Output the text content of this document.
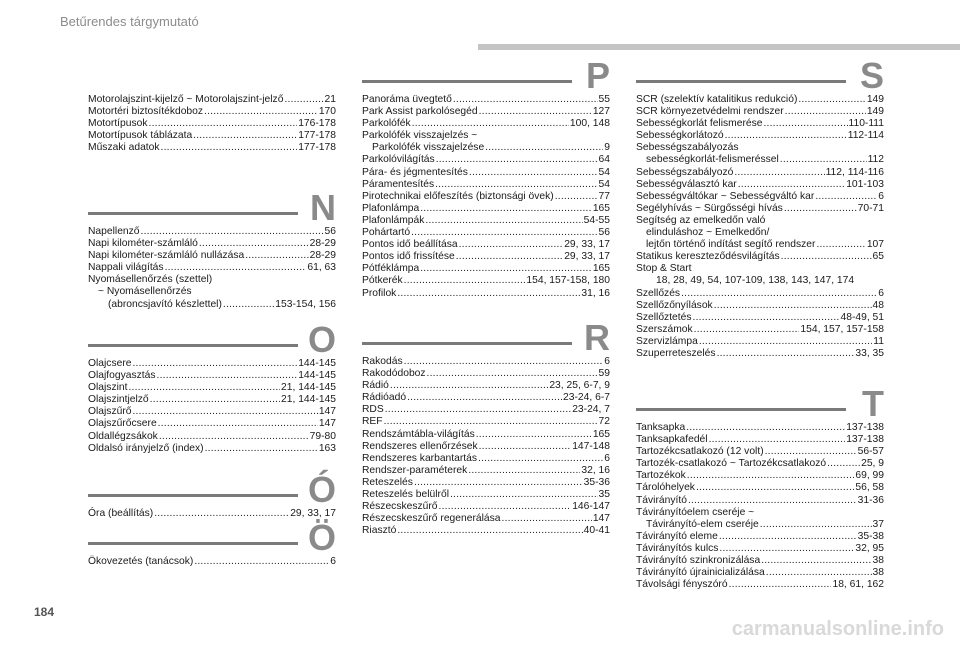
Betűrendes tárgymutató
Motorolajszint-kijelző ~ Motorolajszint-jelző .....	21
Motortéri biztosítékdoboz .....	170
Motortípusok .....	176-178
Motortípusok táblázata .....	177-178
Műszaki adatok .....	177-178
N
Napellenző .....	56
Napi kilométer-számláló .....	28-29
Napi kilométer-számláló nullázása .....	28-29
Nappali világítás .....	61, 63
Nyomásellenőrzés (szettel)
~ Nyomásellenőrzés
(abroncsjavító készlettel) .....	153-154, 156
O
Olajcsere .....	144-145
Olajfogyasztás .....	144-145
Olajszint .....	21, 144-145
Olajszintjelző .....	21, 144-145
Olajszűrő .....	147
Olajszűrőcsere .....	147
Oldallégzsákok .....	79-80
Oldalsó irányjelző (index) .....	163
Ó
Óra (beállítás) .....	29, 33, 17
Ö
Ökovezetés (tanácsok) .....	6
P
Panoráma üvegtető .....	55
Park Assist parkolósegéd .....	127
Parkolófék .....	100, 148
Parkolófék visszajelzés ~
Parkolófék visszajelzése .....	9
Parkolóvilágítás .....	64
Pára- és jégmentesítés .....	54
Páramentesítés .....	54
Pirotechnikai előfeszítés (biztonsági övek) .....	77
Plafonlámpa .....	165
Plafonlámpák .....	54-55
Pohártartó .....	56
Pontos idő beállítása .....	29, 33, 17
Pontos idő frissítése .....	29, 33, 17
Pótféklámpa .....	165
Pótkerék .....	154, 157-158, 180
Profilok .....	31, 16
R
Rakodás .....	6
Rakodódoboz .....	59
Rádió .....	23, 25, 6-7, 9
Rádióadó .....	23-24, 6-7
RDS .....	23-24, 7
REF .....	72
Rendszámtábla-világítás .....	165
Rendszeres ellenőrzések .....	147-148
Rendszeres karbantartás .....	6
Rendszer-paraméterek .....	32, 16
Reteszelés .....	35-36
Reteszelés belülről .....	35
Részecskeszűrő .....	146-147
Részecskeszűrő regenerálása .....	147
Riasztó .....	40-41
S
SCR (szelektív katalitikus redukció) .....	149
SCR környezetvédelmi rendszer .....	149
Sebességkorlát felismerése .....	110-111
Sebességkorlátozó .....	112-114
Sebességszabályozás
sebességkorlát-felismeréssel .....	112
Sebességszabályozó .....	112, 114-116
Sebességválasztó kar .....	101-103
Sebességváltókar ~ Sebességváltó kar .....	6
Segélyhívás ~ Sürgősségi hívás .....	70-71
Segítség az emelkedőn való
elinduláshoz ~ Emelkedőn/
lejtőn történő indítást segítő rendszer .....	107
Statikus kereszteződésvilágítás .....	65
Stop & Start
18, 28, 49, 54, 107-109, 138, 143, 147, 174
Szellőzés .....	6
Szellőzőnyílások .....	48
Szellőztetés .....	48-49, 51
Szerszámok .....	154, 157, 157-158
Szervizlámpa .....	11
Szuperreteszelés .....	33, 35
T
Tanksapka .....	137-138
Tanksapkafedél .....	137-138
Tartozékcsatlakozó (12 volt) .....	56-57
Tartozék-csatlakozó ~ Tartozékcsatlakozó .....	25, 9
Tartozékok .....	69, 99
Tárolóhelyek .....	56, 58
Távirányító .....	31-36
Távirányítóelem cseréje ~
Távirányító-elem cseréje .....	37
Távirányító eleme .....	35-38
Távirányítós kulcs .....	32, 95
Távirányító szinkronizálása .....	38
Távirányító újrainicializálása .....	38
Távolsági fényszóró .....	18, 61, 162
184
carmanualsonline.info
